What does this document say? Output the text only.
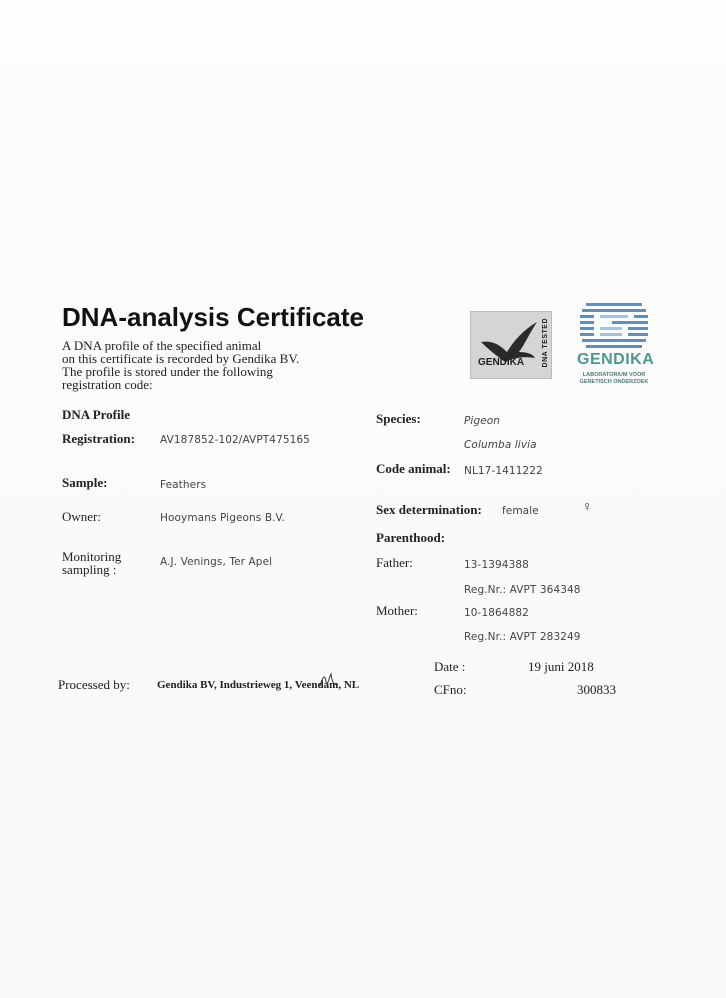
DNA-analysis Certificate
A DNA profile of the specified animal
on this certificate is recorded by Gendika BV.
The profile is stored under the following
registration code:
GENDIKA	DNA TESTED GENDIKA
LABORATORIUM VOOR
GENETISCH ONDERZOEK
DNA Profile
Registration: AV187852-102/AVPT475165
Sample:	Feathers
Owner:	Hooymans Pigeons B.V.
Monitoring
sampling :	A.J. Venings, Ter Apel
Processed by: Gendika BV, Industrieweg 1, Veendam, NL
Species:	Pigeon
Columba livia
Code animal: NL17-1411222
Sex determination: female	♀
Parenthood:
Father:	13-1394388
Reg.Nr.: AVPT 364348
Mother:	10-1864882
Reg.Nr.: AVPT 283249
Date :	19 juni 2018
CFno:	300833
